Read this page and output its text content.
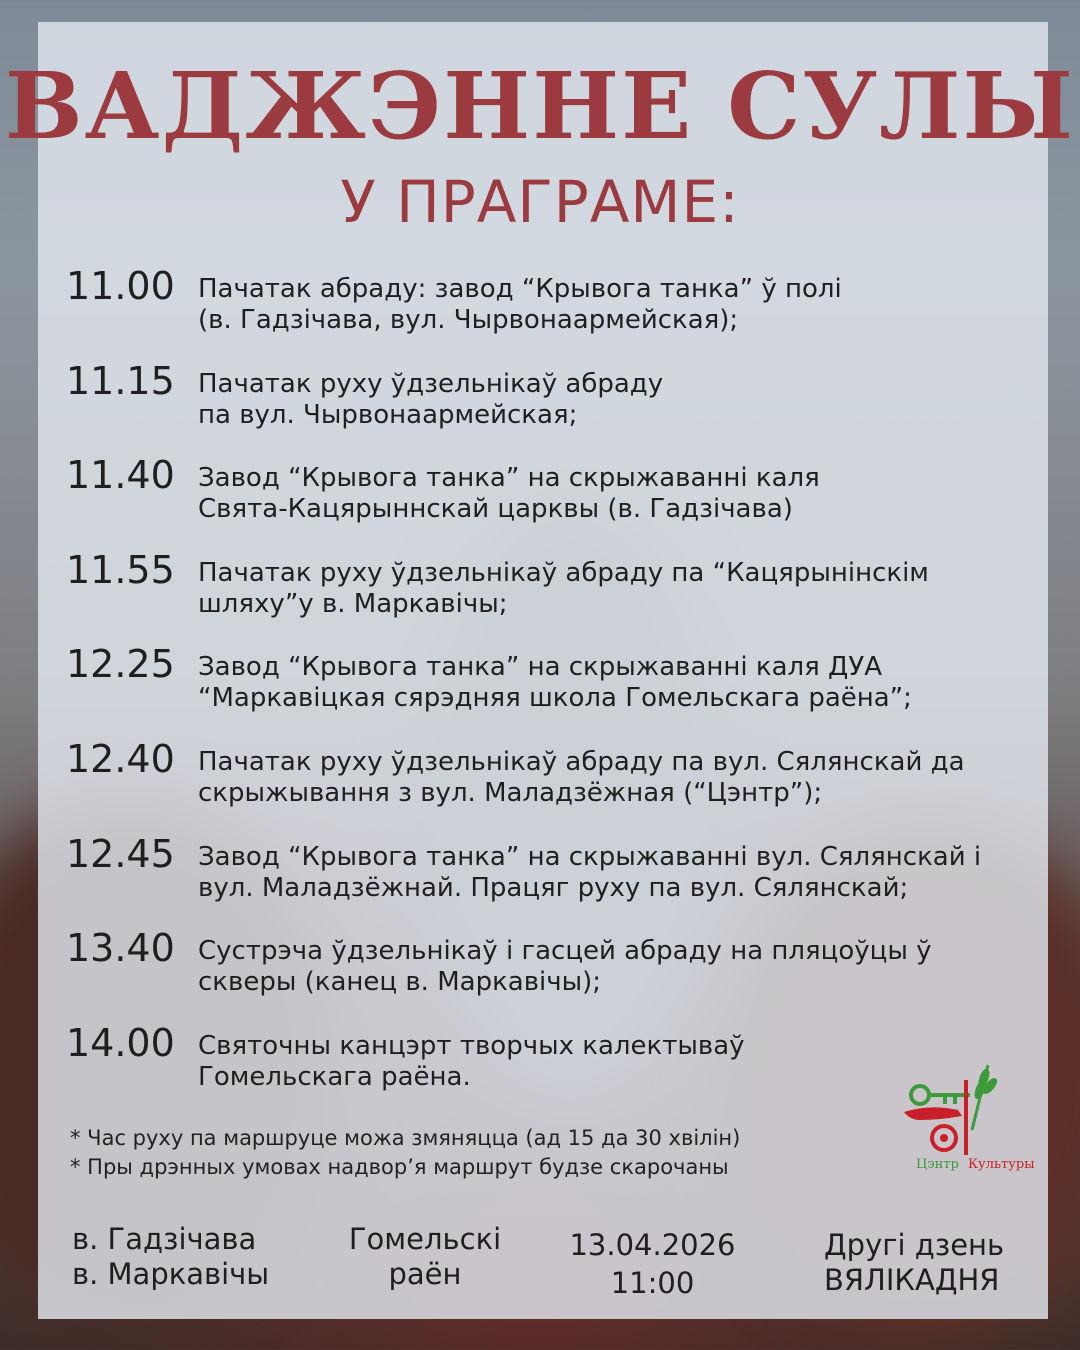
ВАДЖЭННЕ СУЛЫ
У ПРАГРАМЕ:
11.00 Пачатак абраду: завод “Крывога танка” ў полі
(в. Гадзічава, вул. Чырвонаармейская);
11.15 Пачатак руху ўдзельнікаў абраду
па вул. Чырвонаармейская;
11.40 Завод “Крывога танка” на скрыжаванні каля
Свята-Кацярыннскай царквы (в. Гадзічава)
11.55 Пачатак руху ўдзельнікаў абраду па “Кацярынінскім
шляху”у в. Маркавічы;
12.25 Завод “Крывога танка” на скрыжаванні каля ДУА
“Маркавіцкая сярэдняя школа Гомельскага раёна”;
12.40 Пачатак руху ўдзельнікаў абраду па вул. Сялянскай да
скрыжывання з вул. Маладзёжная (“Цэнтр”);
12.45 Завод “Крывога танка” на скрыжаванні вул. Сялянскай і
вул. Маладзёжнай. Працяг руху па вул. Сялянскай;
13.40 Сустрэча ўдзельнікаў і гасцей абраду на пляцоўцы ў
скверы (канец в. Маркавічы);
14.00 Святочны канцэрт творчых калектываў
Гомельскага раёна.
* Час руху па маршруце можа змяняцца (ад 15 да 30 хвілін)
* Пры дрэнных умовах надвор’я маршрут будзе скарочаны	Цэнтр Культуры
в. Гадзічава
в. Маркавічы
Гомельскі
раён
13.04.2026
11:00
Другі дзень
ВЯЛІКАДНЯ
